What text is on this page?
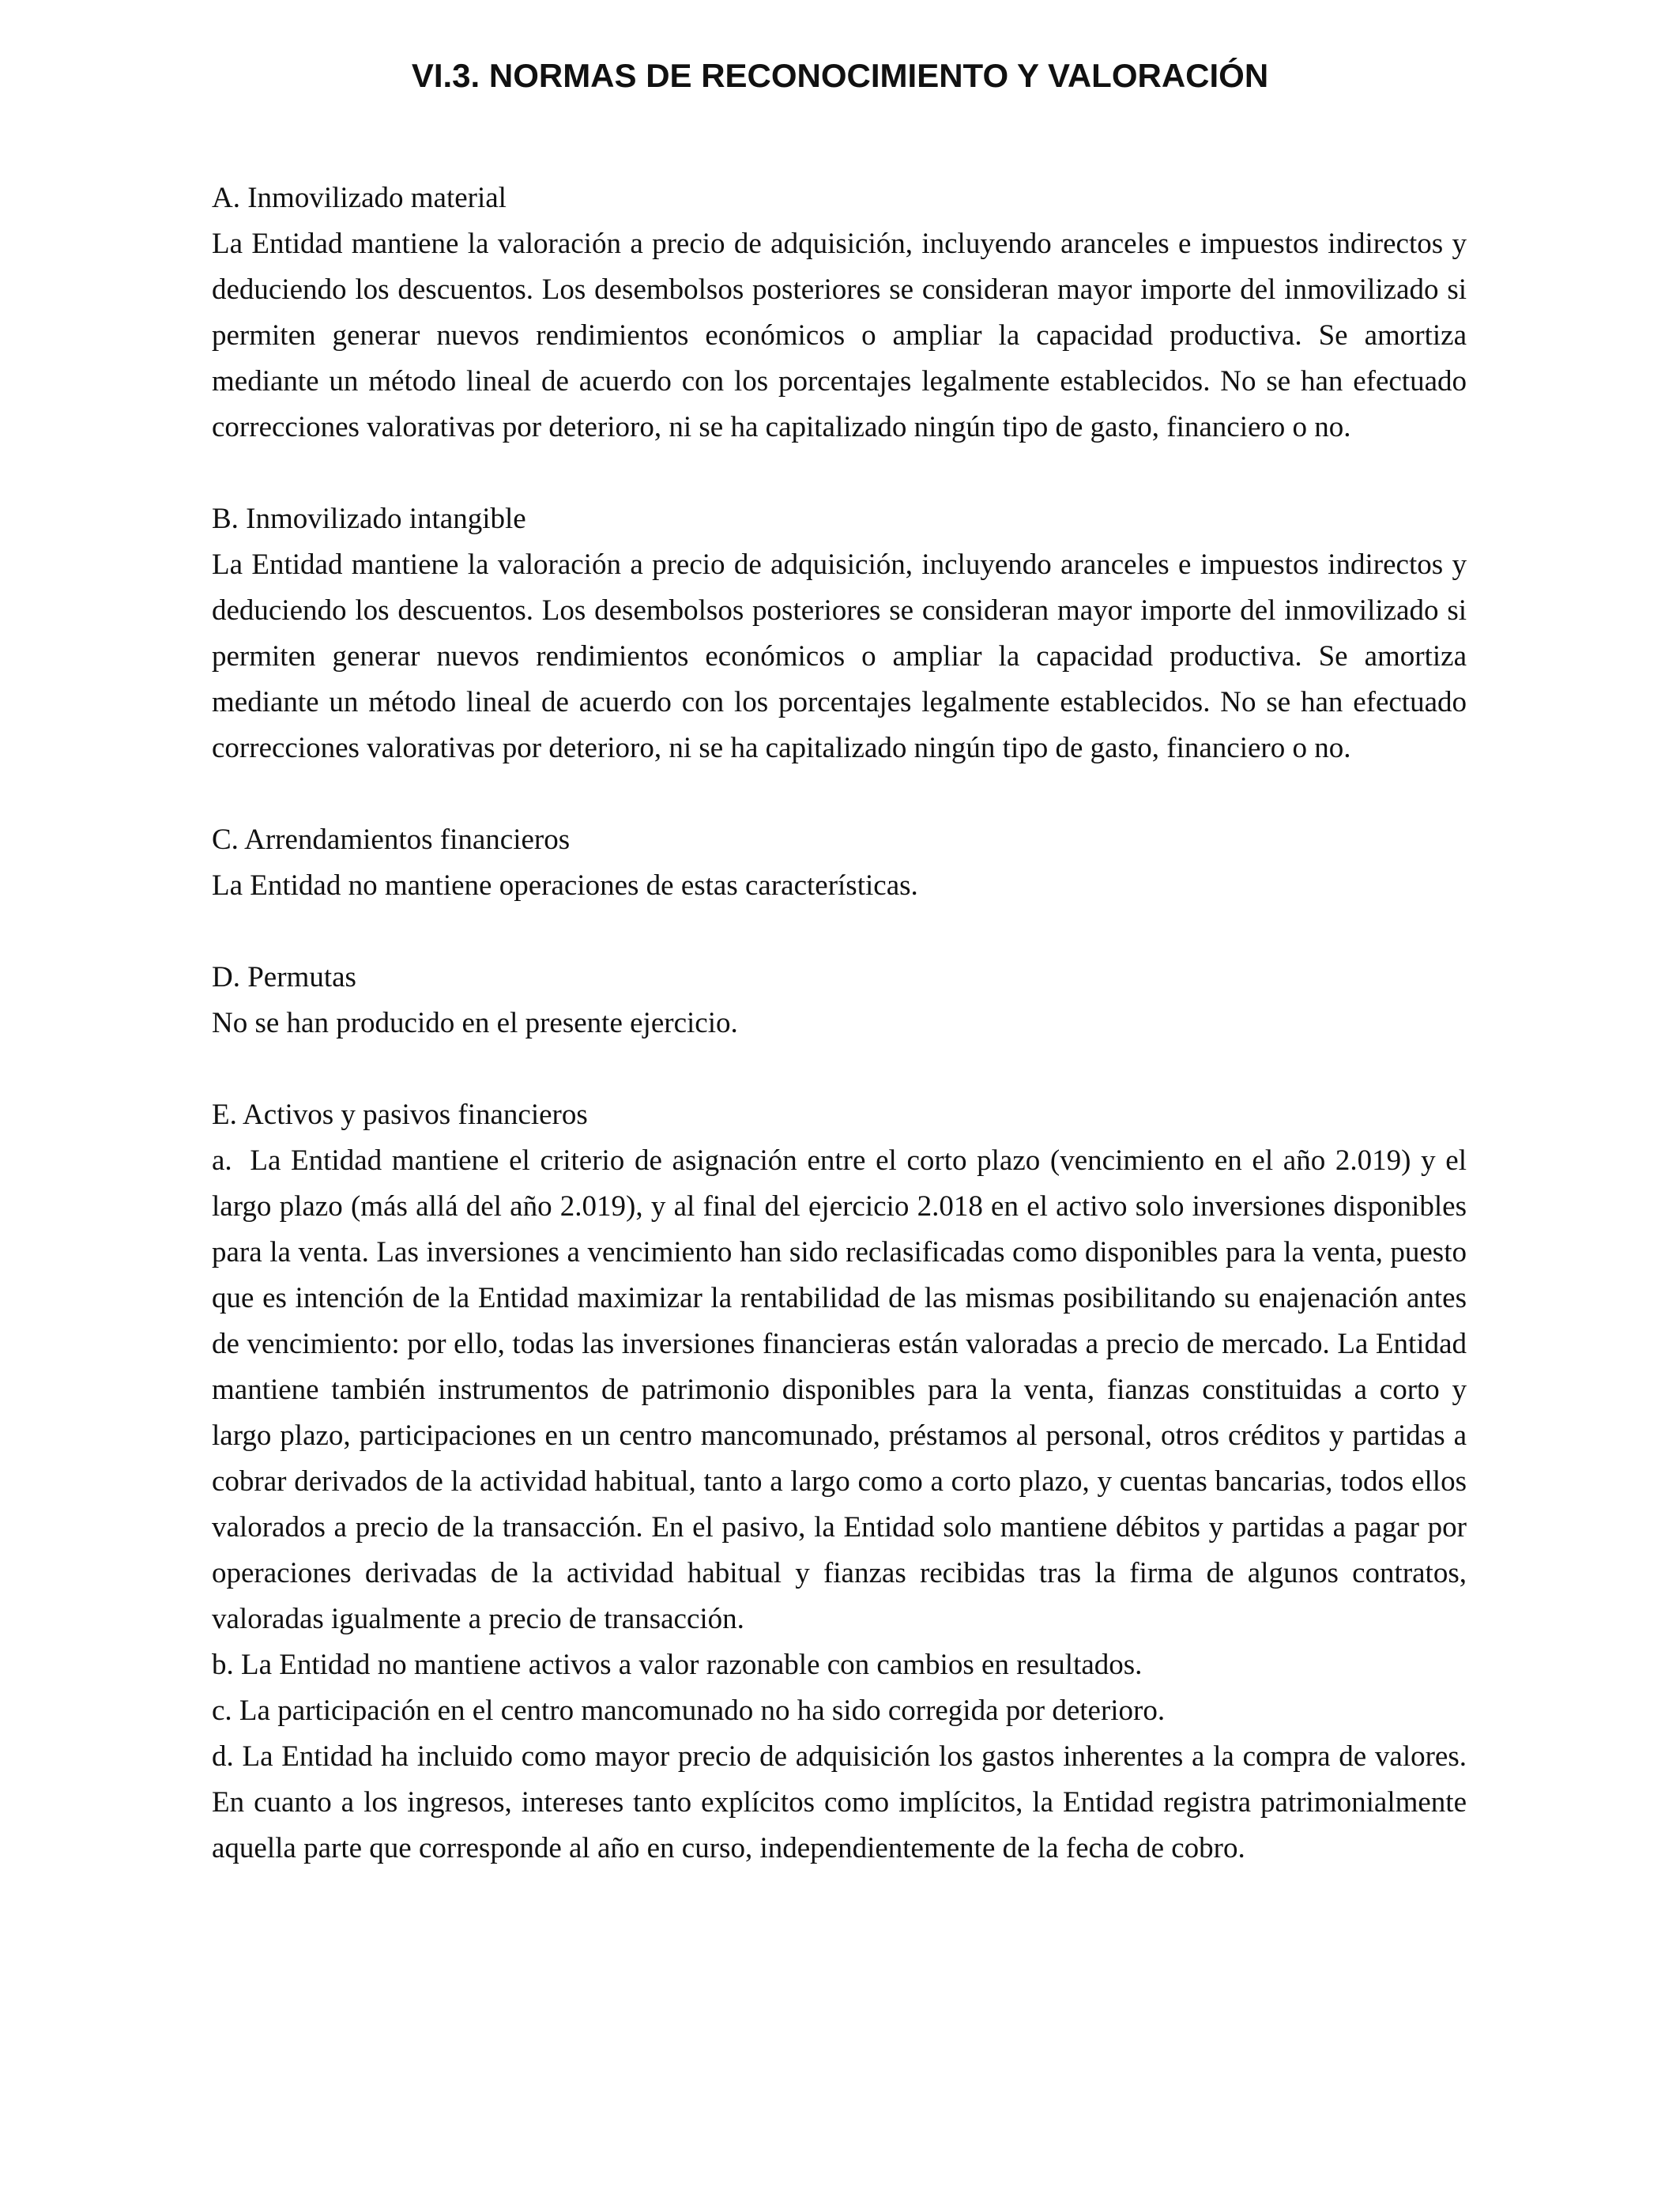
VI.3. NORMAS DE RECONOCIMIENTO Y VALORACIÓN

A. Inmovilizado material

La Entidad mantiene la valoración a precio de adquisición, incluyendo aranceles e impuestos indirectos y deduciendo los descuentos. Los desembolsos posteriores se consideran mayor importe del inmovilizado si permiten generar nuevos rendimientos económicos o ampliar la capacidad productiva. Se amortiza mediante un método lineal de acuerdo con los porcentajes legalmente establecidos. No se han efectuado correcciones valorativas por deterioro, ni se ha capitalizado ningún tipo de gasto, financiero o no.

B. Inmovilizado intangible

La Entidad mantiene la valoración a precio de adquisición, incluyendo aranceles e impuestos indirectos y deduciendo los descuentos. Los desembolsos posteriores se consideran mayor importe del inmovilizado si permiten generar nuevos rendimientos económicos o ampliar la capacidad productiva. Se amortiza mediante un método lineal de acuerdo con los porcentajes legalmente establecidos. No se han efectuado correcciones valorativas por deterioro, ni se ha capitalizado ningún tipo de gasto, financiero o no.

C. Arrendamientos financieros

La Entidad no mantiene operaciones de estas características.

D. Permutas

No se han producido en el presente ejercicio.

E. Activos y pasivos financieros

a. La Entidad mantiene el criterio de asignación entre el corto plazo (vencimiento en el año 2.019) y el largo plazo (más allá del año 2.019), y al final del ejercicio 2.018 en el activo solo inversiones disponibles para la venta. Las inversiones a vencimiento han sido reclasificadas como disponibles para la venta, puesto que es intención de la Entidad maximizar la rentabilidad de las mismas posibilitando su enajenación antes de vencimiento: por ello, todas las inversiones financieras están valoradas a precio de mercado. La Entidad mantiene también instrumentos de patrimonio disponibles para la venta, fianzas constituidas a corto y largo plazo, participaciones en un centro mancomunado, préstamos al personal, otros créditos y partidas a cobrar derivados de la actividad habitual, tanto a largo como a corto plazo, y cuentas bancarias, todos ellos valorados a precio de la transacción. En el pasivo, la Entidad solo mantiene débitos y partidas a pagar por operaciones derivadas de la actividad habitual y fianzas recibidas tras la firma de algunos contratos, valoradas igualmente a precio de transacción.

b. La Entidad no mantiene activos a valor razonable con cambios en resultados.

c. La participación en el centro mancomunado no ha sido corregida por deterioro.

d. La Entidad ha incluido como mayor precio de adquisición los gastos inherentes a la compra de valores. En cuanto a los ingresos, intereses tanto explícitos como implícitos, la Entidad registra patrimonialmente aquella parte que corresponde al año en curso, independientemente de la fecha de cobro.
